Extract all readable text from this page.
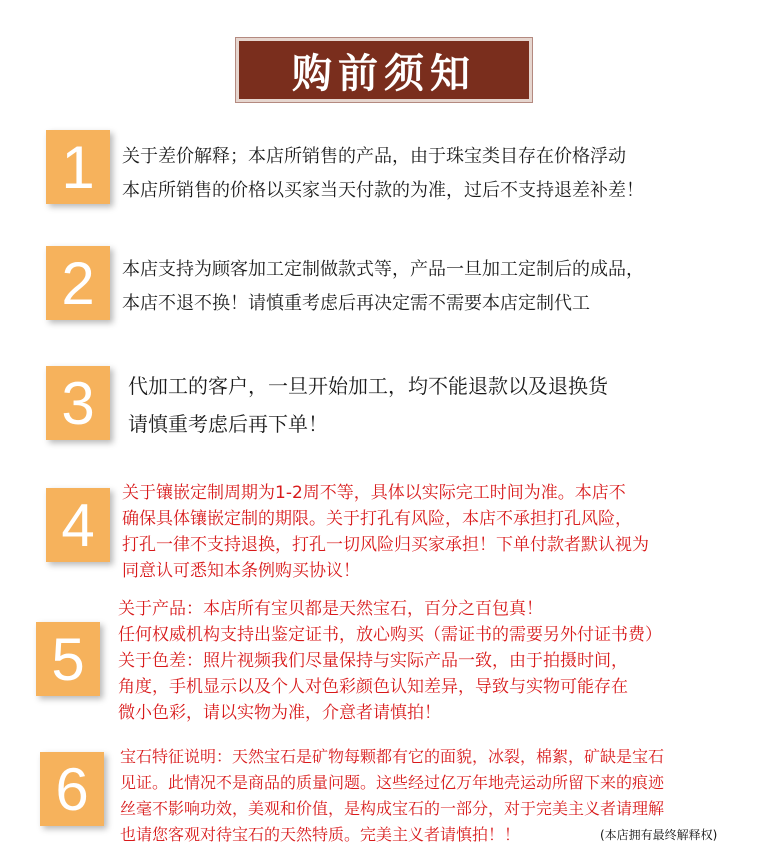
购前须知
1	关于差价解释；本店所销售的产品，由于珠宝类目存在价格浮动
本店所销售的价格以买家当天付款的为准，过后不支持退差补差！
2	本店支持为顾客加工定制做款式等，产品一旦加工定制后的成品，
本店不退不换！请慎重考虑后再决定需不需要本店定制代工
3	代加工的客户，一旦开始加工，均不能退款以及退换货
请慎重考虑后再下单！
4	关于镶嵌定制周期为1-2周不等，具体以实际完工时间为准。本店不
确保具体镶嵌定制的期限。关于打孔有风险，本店不承担打孔风险，
打孔一律不支持退换，打孔一切风险归买家承担！下单付款者默认视为
同意认可悉知本条例购买协议！
5
关于产品：本店所有宝贝都是天然宝石，百分之百包真！
任何权威机构支持出鉴定证书，放心购买（需证书的需要另外付证书费）
关于色差：照片视频我们尽量保持与实际产品一致，由于拍摄时间，
角度，手机显示以及个人对色彩颜色认知差异，导致与实物可能存在
微小色彩，请以实物为准，介意者请慎拍！
6	宝石特征说明：天然宝石是矿物每颗都有它的面貌，冰裂，棉絮，矿缺是宝石
见证。此情况不是商品的质量问题。这些经过亿万年地壳运动所留下来的痕迹
丝毫不影响功效，美观和价值，是构成宝石的一部分，对于完美主义者请理解
也请您客观对待宝石的天然特质。完美主义者请慎拍！！	(本店拥有最终解释权)
